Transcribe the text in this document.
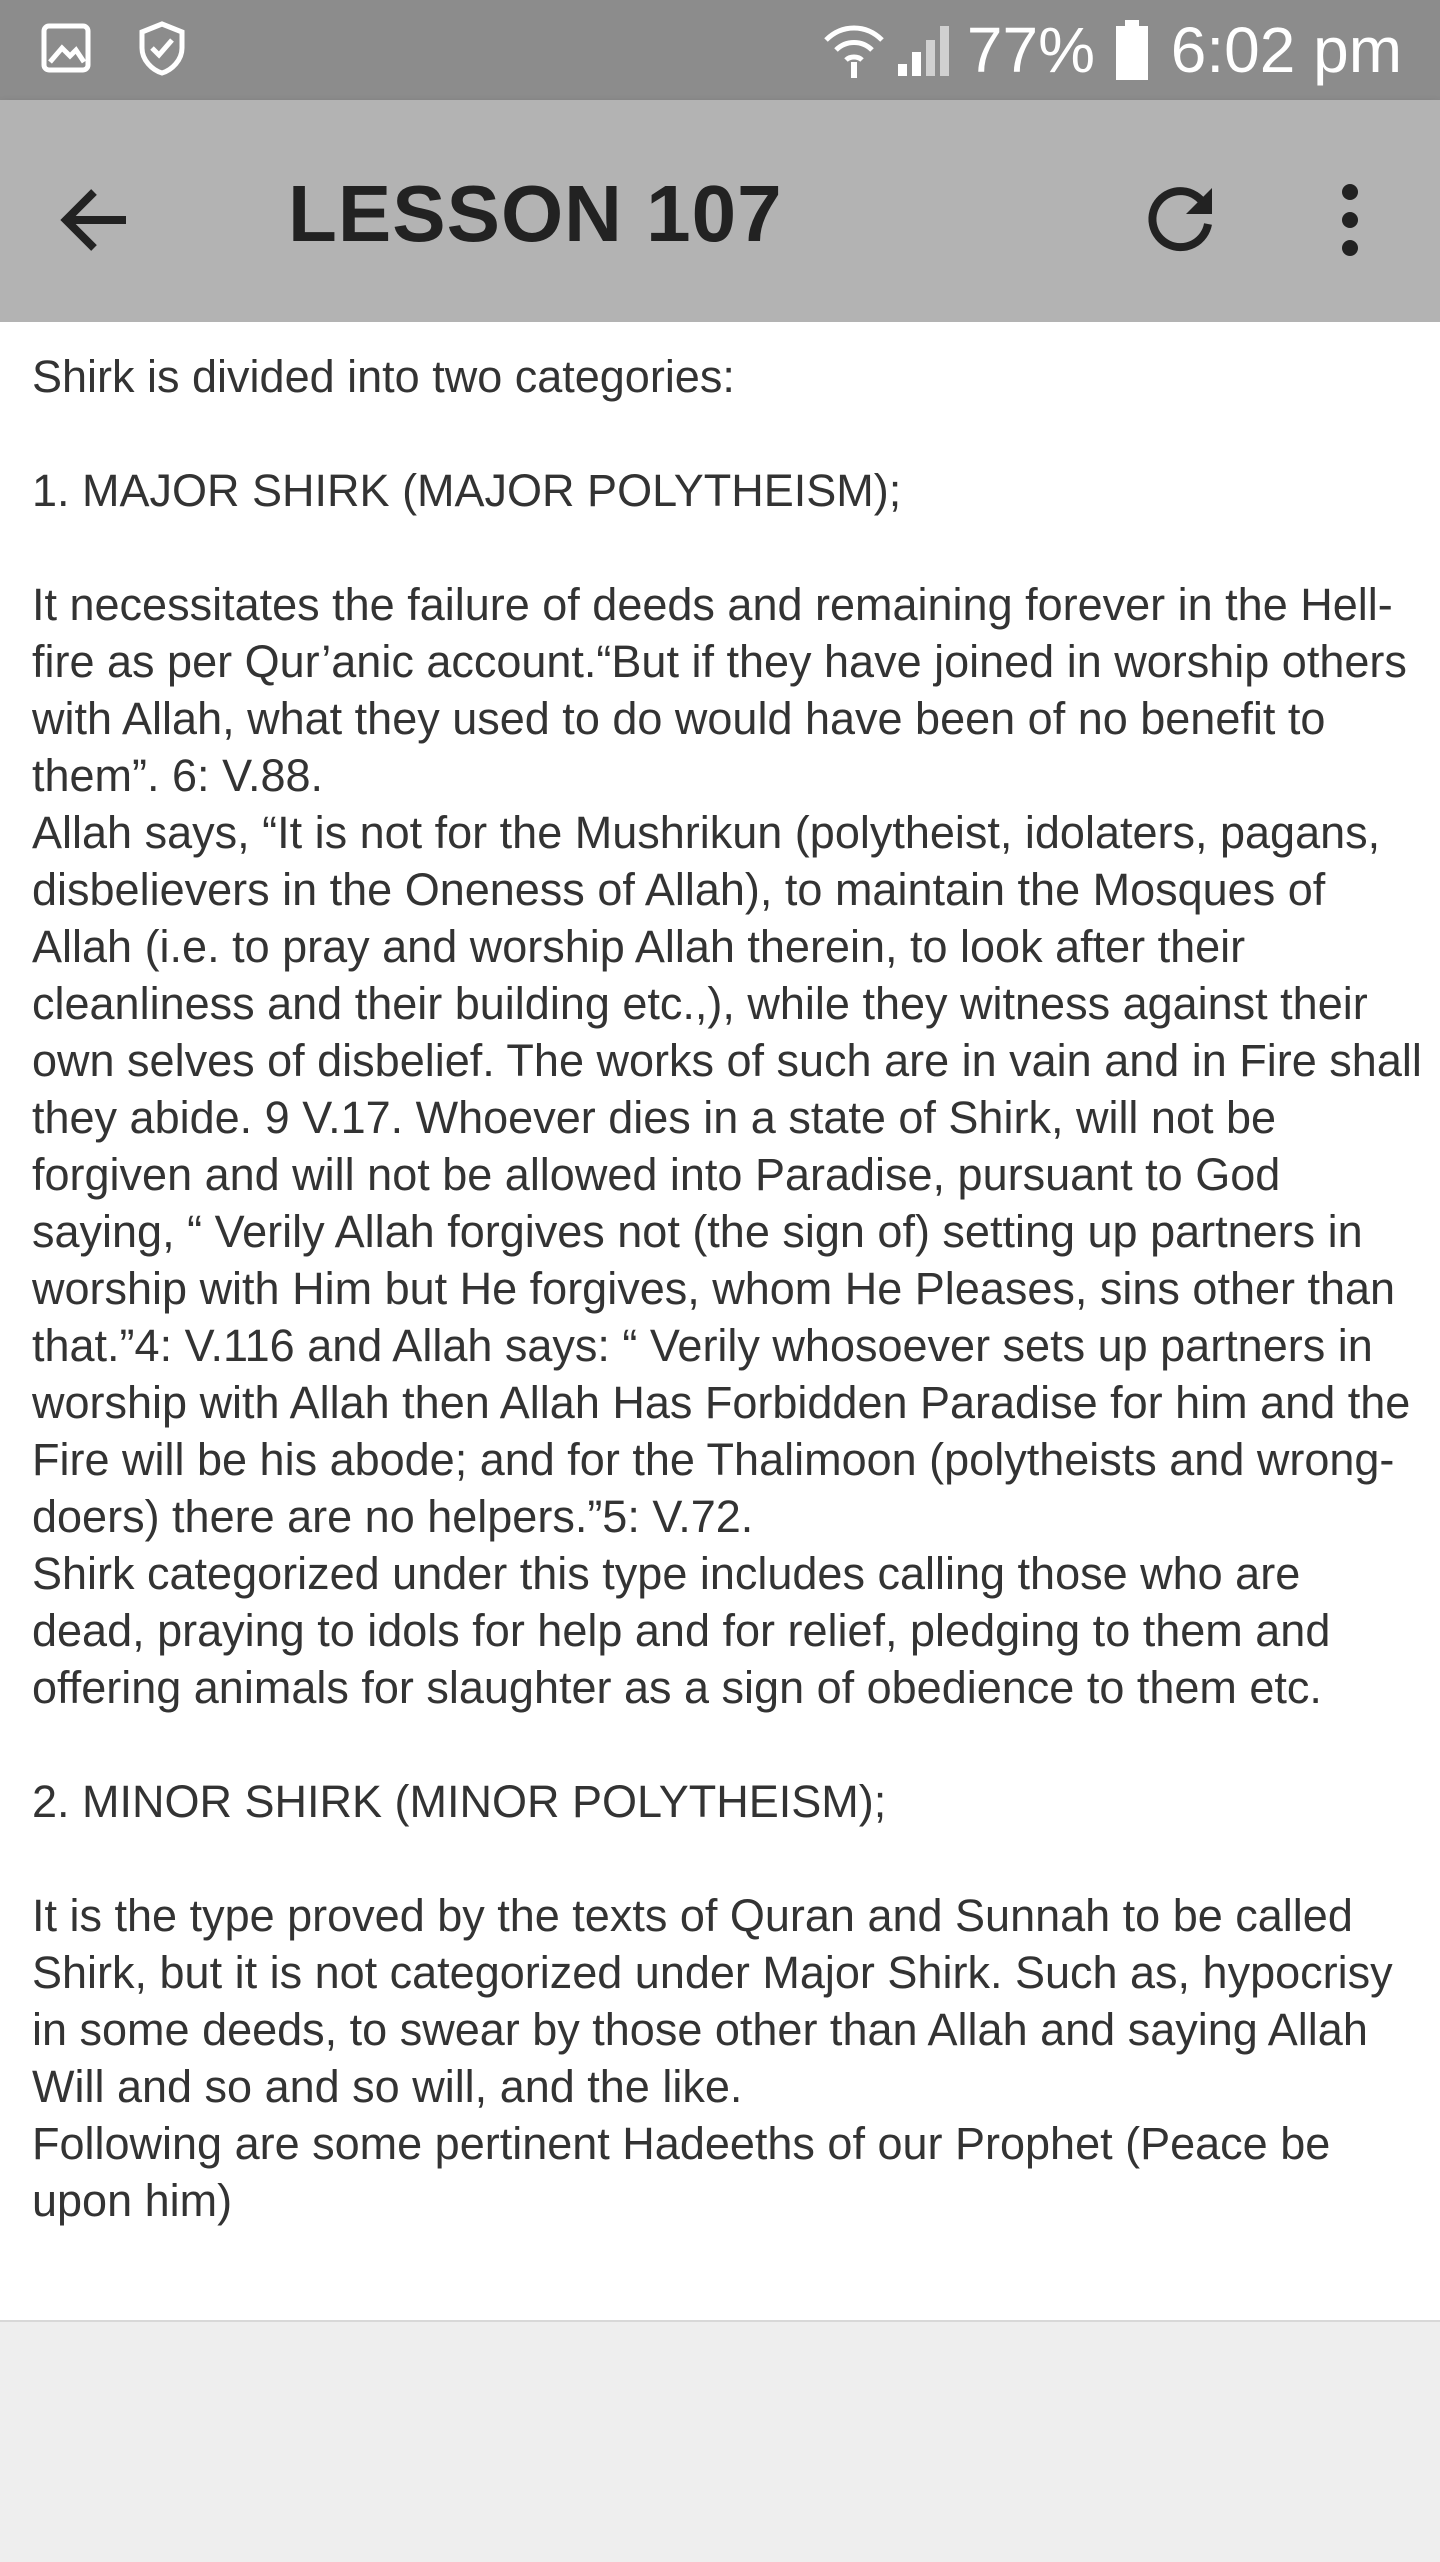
77% 6:02 pm
LESSON 107

Shirk is divided into two categories:

1. MAJOR SHIRK (MAJOR POLYTHEISM);

It necessitates the failure of deeds and remaining forever in the Hell-fire as per Qur’anic account.“But if they have joined in worship others with Allah, what they used to do would have been of no benefit to them”. 6: V.88.

Allah says, “It is not for the Mushrikun (polytheist, idolaters, pagans, disbelievers in the Oneness of Allah), to maintain the Mosques of Allah (i.e. to pray and worship Allah therein, to look after their cleanliness and their building etc.,), while they witness against their own selves of disbelief. The works of such are in vain and in Fire shall they abide. 9 V.17. Whoever dies in a state of Shirk, will not be forgiven and will not be allowed into Paradise, pursuant to God saying, “ Verily Allah forgives not (the sign of) setting up partners in worship with Him but He forgives, whom He Pleases, sins other than that.”4: V.116 and Allah says: “ Verily whosoever sets up partners in worship with Allah then Allah Has Forbidden Paradise for him and the Fire will be his abode; and for the Thalimoon (polytheists and wrong-doers) there are no helpers.”5: V.72.

Shirk categorized under this type includes calling those who are dead, praying to idols for help and for relief, pledging to them and offering animals for slaughter as a sign of obedience to them etc.

2. MINOR SHIRK (MINOR POLYTHEISM);

It is the type proved by the texts of Quran and Sunnah to be called Shirk, but it is not categorized under Major Shirk. Such as, hypocrisy in some deeds, to swear by those other than Allah and saying Allah Will and so and so will, and the like.

Following are some pertinent Hadeeths of our Prophet (Peace be upon him)
